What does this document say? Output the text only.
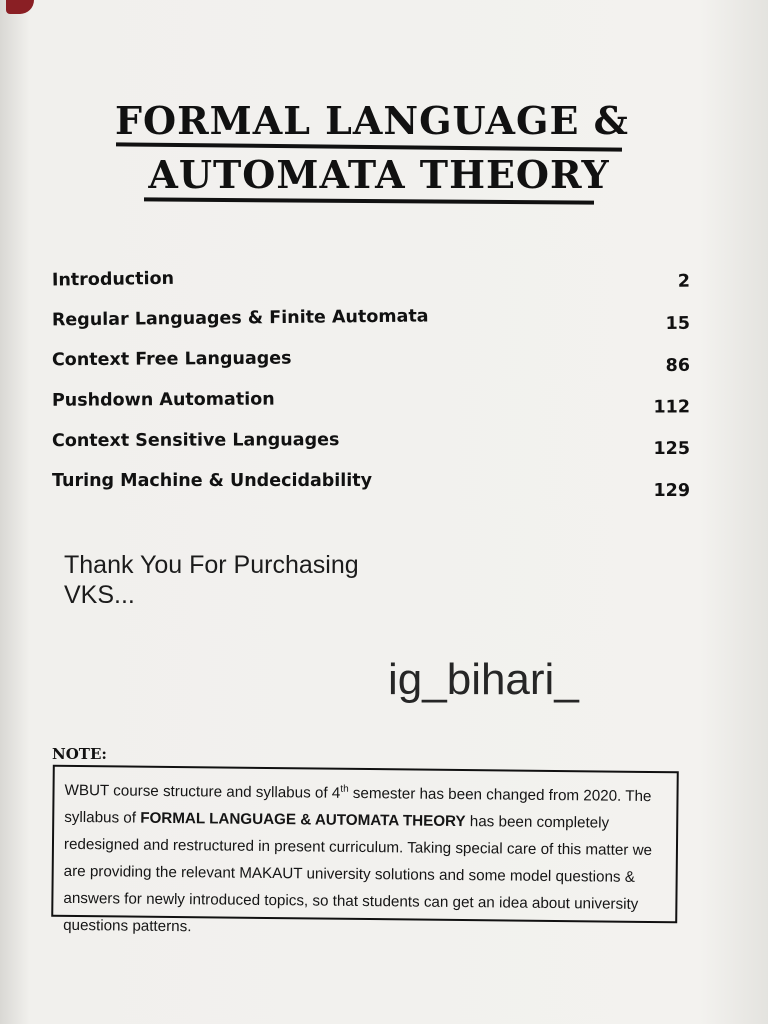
FORMAL LANGUAGE &
AUTOMATA THEORY
Introduction	2
Regular Languages & Finite Automata	15
Context Free Languages	86
Pushdown Automation	112
Context Sensitive Languages	125
Turing Machine & Undecidability	129
Thank You For Purchasing
VKS...
ig_bihari_
NOTE:
WBUT course structure and syllabus of 4th semester has been changed from 2020. The syllabus of FORMAL LANGUAGE & AUTOMATA THEORY has been completely redesigned and restructured in present curriculum. Taking special care of this matter we are providing the relevant MAKAUT university solutions and some model questions & answers for newly introduced topics, so that students can get an idea about university questions patterns.
